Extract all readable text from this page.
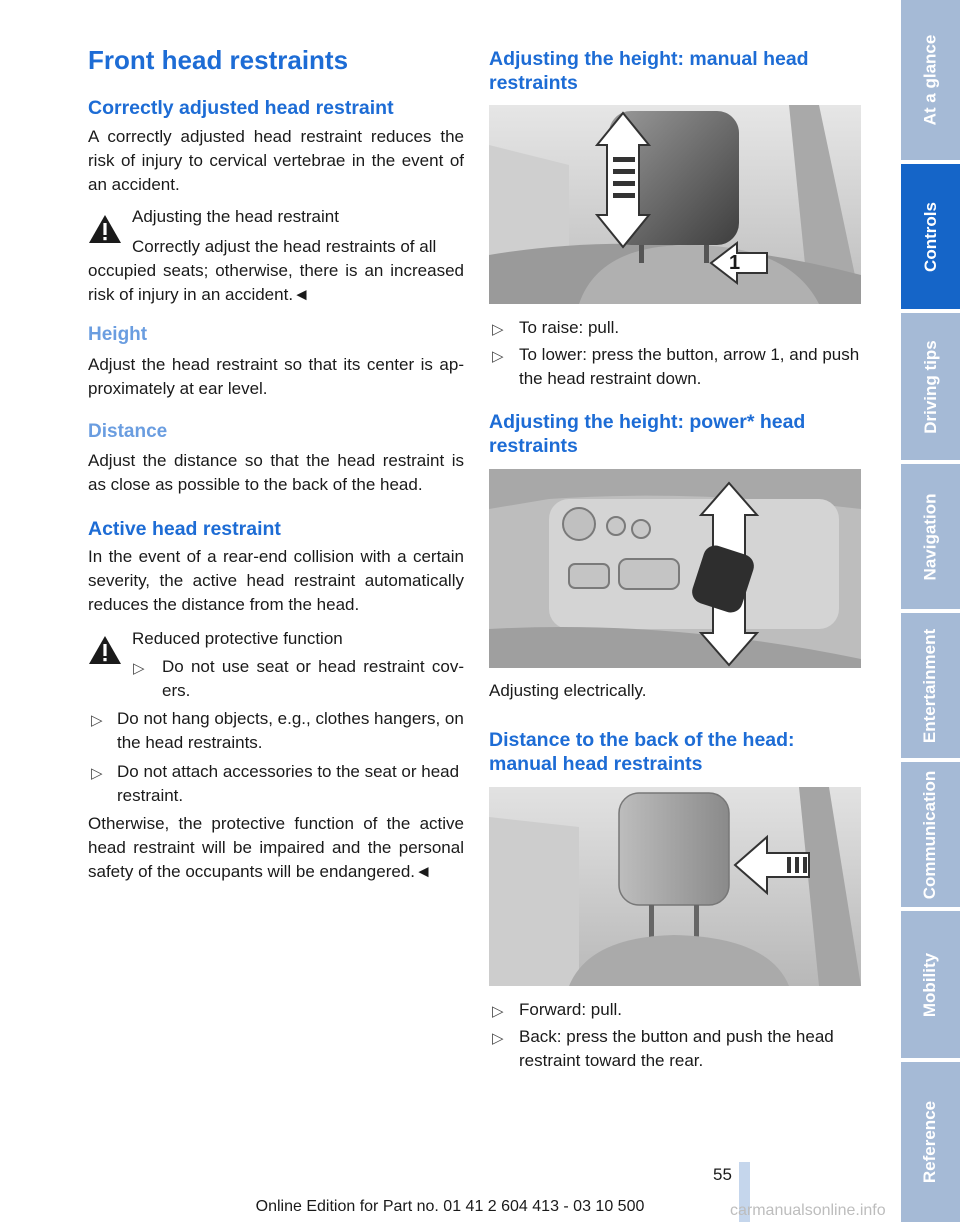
Front head restraints
Correctly adjusted head restraint

A correctly adjusted head restraint reduces the risk of injury to cervical vertebrae in the event of an accident.

Adjusting the head restraint

Correctly adjust the head restraints of all

occupied seats; otherwise, there is an increased risk of injury in an accident.◄

Height

Adjust the head restraint so that its center is ap-proximately at ear level.

Distance

Adjust the distance so that the head restraint is as close as possible to the back of the head.

Active head restraint

In the event of a rear-end collision with a certain severity, the active head restraint automatically reduces the distance from the head.

Reduced protective function

▷ Do not use seat or head restraint cov-ers.

▷ Do not hang objects, e.g., clothes hangers, on the head restraints.

▷ Do not attach accessories to the seat or head restraint.

Otherwise, the protective function of the active head restraint will be impaired and the personal safety of the occupants will be endangered.◄

Adjusting the height: manual head restraints
1
▷ To raise: pull.

▷ To lower: press the button, arrow 1, and push the head restraint down.

Adjusting the height: power* head restraints

Adjusting electrically.

Distance to the back of the head: manual head restraints
▷ Forward: pull.

▷ Back: press the button and push the head restraint toward the rear.

At a glance
Controls
Driving tips
Navigation
Entertainment
Communication
Mobility
Reference
55
Online Edition for Part no. 01 41 2 604 413 - 03 10 500	carmanualsonline.info
